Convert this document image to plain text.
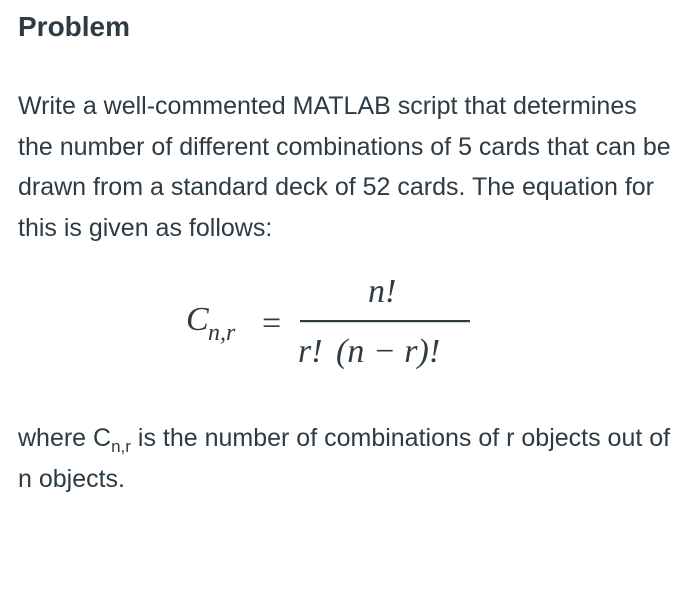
Problem

Write a well-commented MATLAB script that determines the number of different combinations of 5 cards that can be drawn from a standard deck of 52 cards. The equation for this is given as follows:

C n,r =
n!
r! (n − r)!

where $C_{n,r}$ is the number of combinations of r objects out of n objects.
